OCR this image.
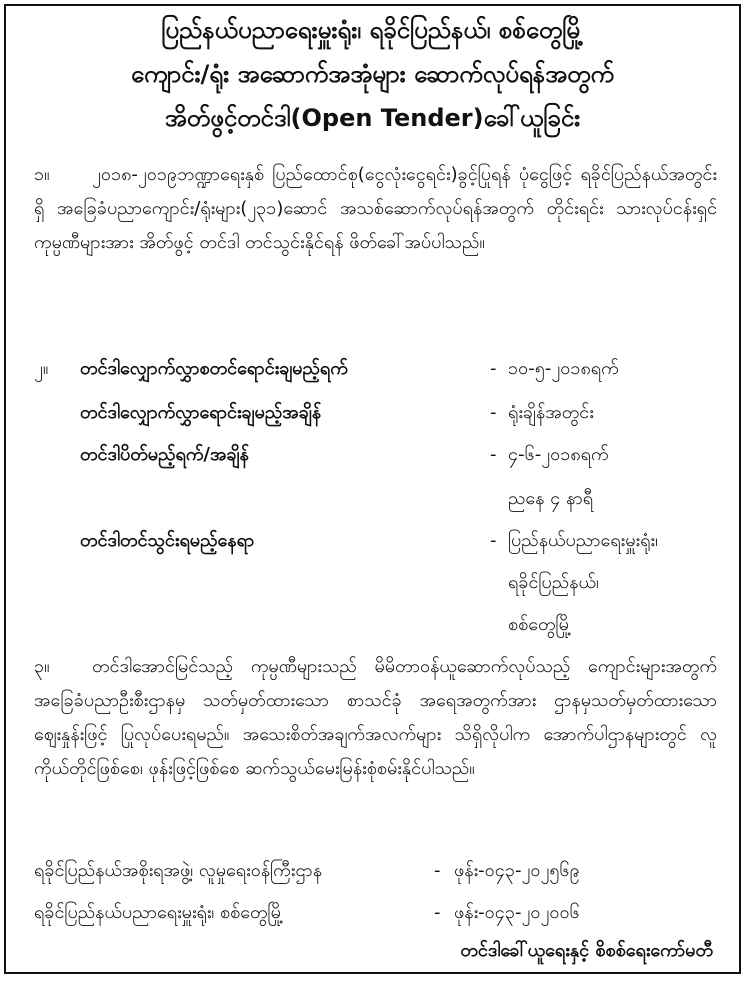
ပြည်နယ်ပညာရေးမှူးရုံး၊ ရခိုင်ပြည်နယ်၊ စစ်တွေမြို့

ကျောင်း/ရုံး အဆောက်အအုံများ ဆောက်လုပ်ရန်အတွက်

အိတ်ဖွင့်တင်ဒါ(Open Tender)ခေါ်ယူခြင်း

၁။ ၂၀၁၈-၂၀၁၉ဘဏ္ဍာရေးနှစ် ပြည်ထောင်စု(ငွေလုံးငွေရင်း)ခွင့်ပြုရန် ပုံငွေဖြင့် ရခိုင်ပြည်နယ်အတွင်းရှိ အခြေခံပညာကျောင်း/ရုံးများ(၂၃၁)ဆောင် အသစ်ဆောက်လုပ်ရန်အတွက် တိုင်းရင်း သားလုပ်ငန်းရှင် ကုမ္ပဏီများအား အိတ်ဖွင့် တင်ဒါ တင်သွင်းနိုင်ရန် ဖိတ်ခေါ်အပ်ပါသည်။
၂။ တင်ဒါလျှောက်လွှာစတင်ရောင်းချမည့်ရက်	- ၁၀-၅-၂၀၁၈ရက်
တင်ဒါလျှောက်လွှာရောင်းချမည့်အချိန်	- ရုံးချိန်အတွင်း
တင်ဒါပိတ်မည့်ရက်/အချိန်	- ၄-၆-၂၀၁၈ရက်
ညနေ ၄ နာရီ
တင်ဒါတင်သွင်းရမည့်နေရာ	- ပြည်နယ်ပညာရေးမှူးရုံး၊
ရခိုင်ပြည်နယ်၊
စစ်တွေမြို့
၃။ တင်ဒါအောင်မြင်သည့် ကုမ္ပဏီများသည် မိမိတာဝန်ယူဆောက်လုပ်သည့် ကျောင်းများအတွက် အခြေခံပညာဦးစီးဌာနမှ သတ်မှတ်ထားသော စာသင်ခုံ အရေအတွက်အား ဌာနမှသတ်မှတ်ထားသောဈေးနှုန်းဖြင့် ပြုလုပ်ပေးရမည်။ အသေးစိတ်အချက်အလက်များ သိရှိလိုပါက အောက်ပါဌာနများတွင် လူကိုယ်တိုင်ဖြစ်စေ၊ ဖုန်းဖြင့်ဖြစ်စေ ဆက်သွယ်မေးမြန်းစုံစမ်းနိုင်ပါသည်။
ရခိုင်ပြည်နယ်အစိုးရအဖွဲ့၊ လူမှုရေးဝန်ကြီးဌာန	- ဖုန်း-၀၄၃-၂၀၂၅၆၉
ရခိုင်ပြည်နယ်ပညာရေးမှူးရုံး၊ စစ်တွေမြို့	- ဖုန်း-၀၄၃-၂၀၂၀၀၆
တင်ဒါခေါ်ယူရေးနှင့် စိစစ်ရေးကော်မတီ
